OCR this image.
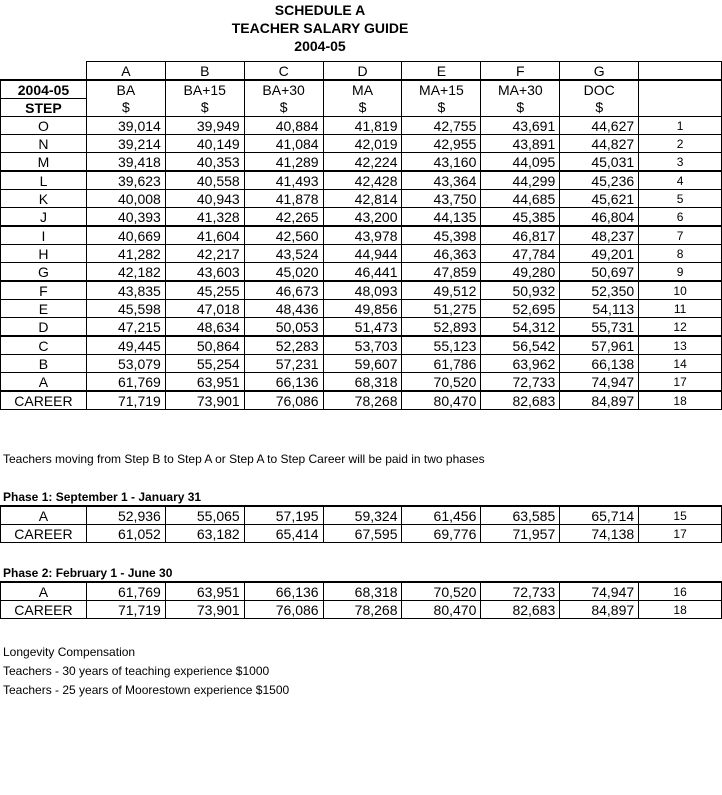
SCHEDULE A
TEACHER SALARY GUIDE
2004-05
	A	B	C	D	E	F	G	
2004-05	BA	BA+15	BA+30	MA	MA+15	MA+30	DOC	
STEP	$	$	$	$	$	$	$	
O	39,014	39,949	40,884	41,819	42,755	43,691	44,627	1
N	39,214	40,149	41,084	42,019	42,955	43,891	44,827	2
M	39,418	40,353	41,289	42,224	43,160	44,095	45,031	3
L	39,623	40,558	41,493	42,428	43,364	44,299	45,236	4
K	40,008	40,943	41,878	42,814	43,750	44,685	45,621	5
J	40,393	41,328	42,265	43,200	44,135	45,385	46,804	6
I	40,669	41,604	42,560	43,978	45,398	46,817	48,237	7
H	41,282	42,217	43,524	44,944	46,363	47,784	49,201	8
G	42,182	43,603	45,020	46,441	47,859	49,280	50,697	9
F	43,835	45,255	46,673	48,093	49,512	50,932	52,350	10
E	45,598	47,018	48,436	49,856	51,275	52,695	54,113	11
D	47,215	48,634	50,053	51,473	52,893	54,312	55,731	12
C	49,445	50,864	52,283	53,703	55,123	56,542	57,961	13
B	53,079	55,254	57,231	59,607	61,786	63,962	66,138	14
A	61,769	63,951	66,136	68,318	70,520	72,733	74,947	17
CAREER	71,719	73,901	76,086	78,268	80,470	82,683	84,897	18
Teachers moving from Step B to Step A or Step A to Step Career will be paid in two phases
Phase 1: September 1 - January 31
A	52,936	55,065	57,195	59,324	61,456	63,585	65,714	15
CAREER	61,052	63,182	65,414	67,595	69,776	71,957	74,138	17
Phase 2: February 1 - June 30
A	61,769	63,951	66,136	68,318	70,520	72,733	74,947	16
CAREER	71,719	73,901	76,086	78,268	80,470	82,683	84,897	18
Longevity Compensation
Teachers - 30 years of teaching experience $1000
Teachers - 25 years of Moorestown experience $1500
